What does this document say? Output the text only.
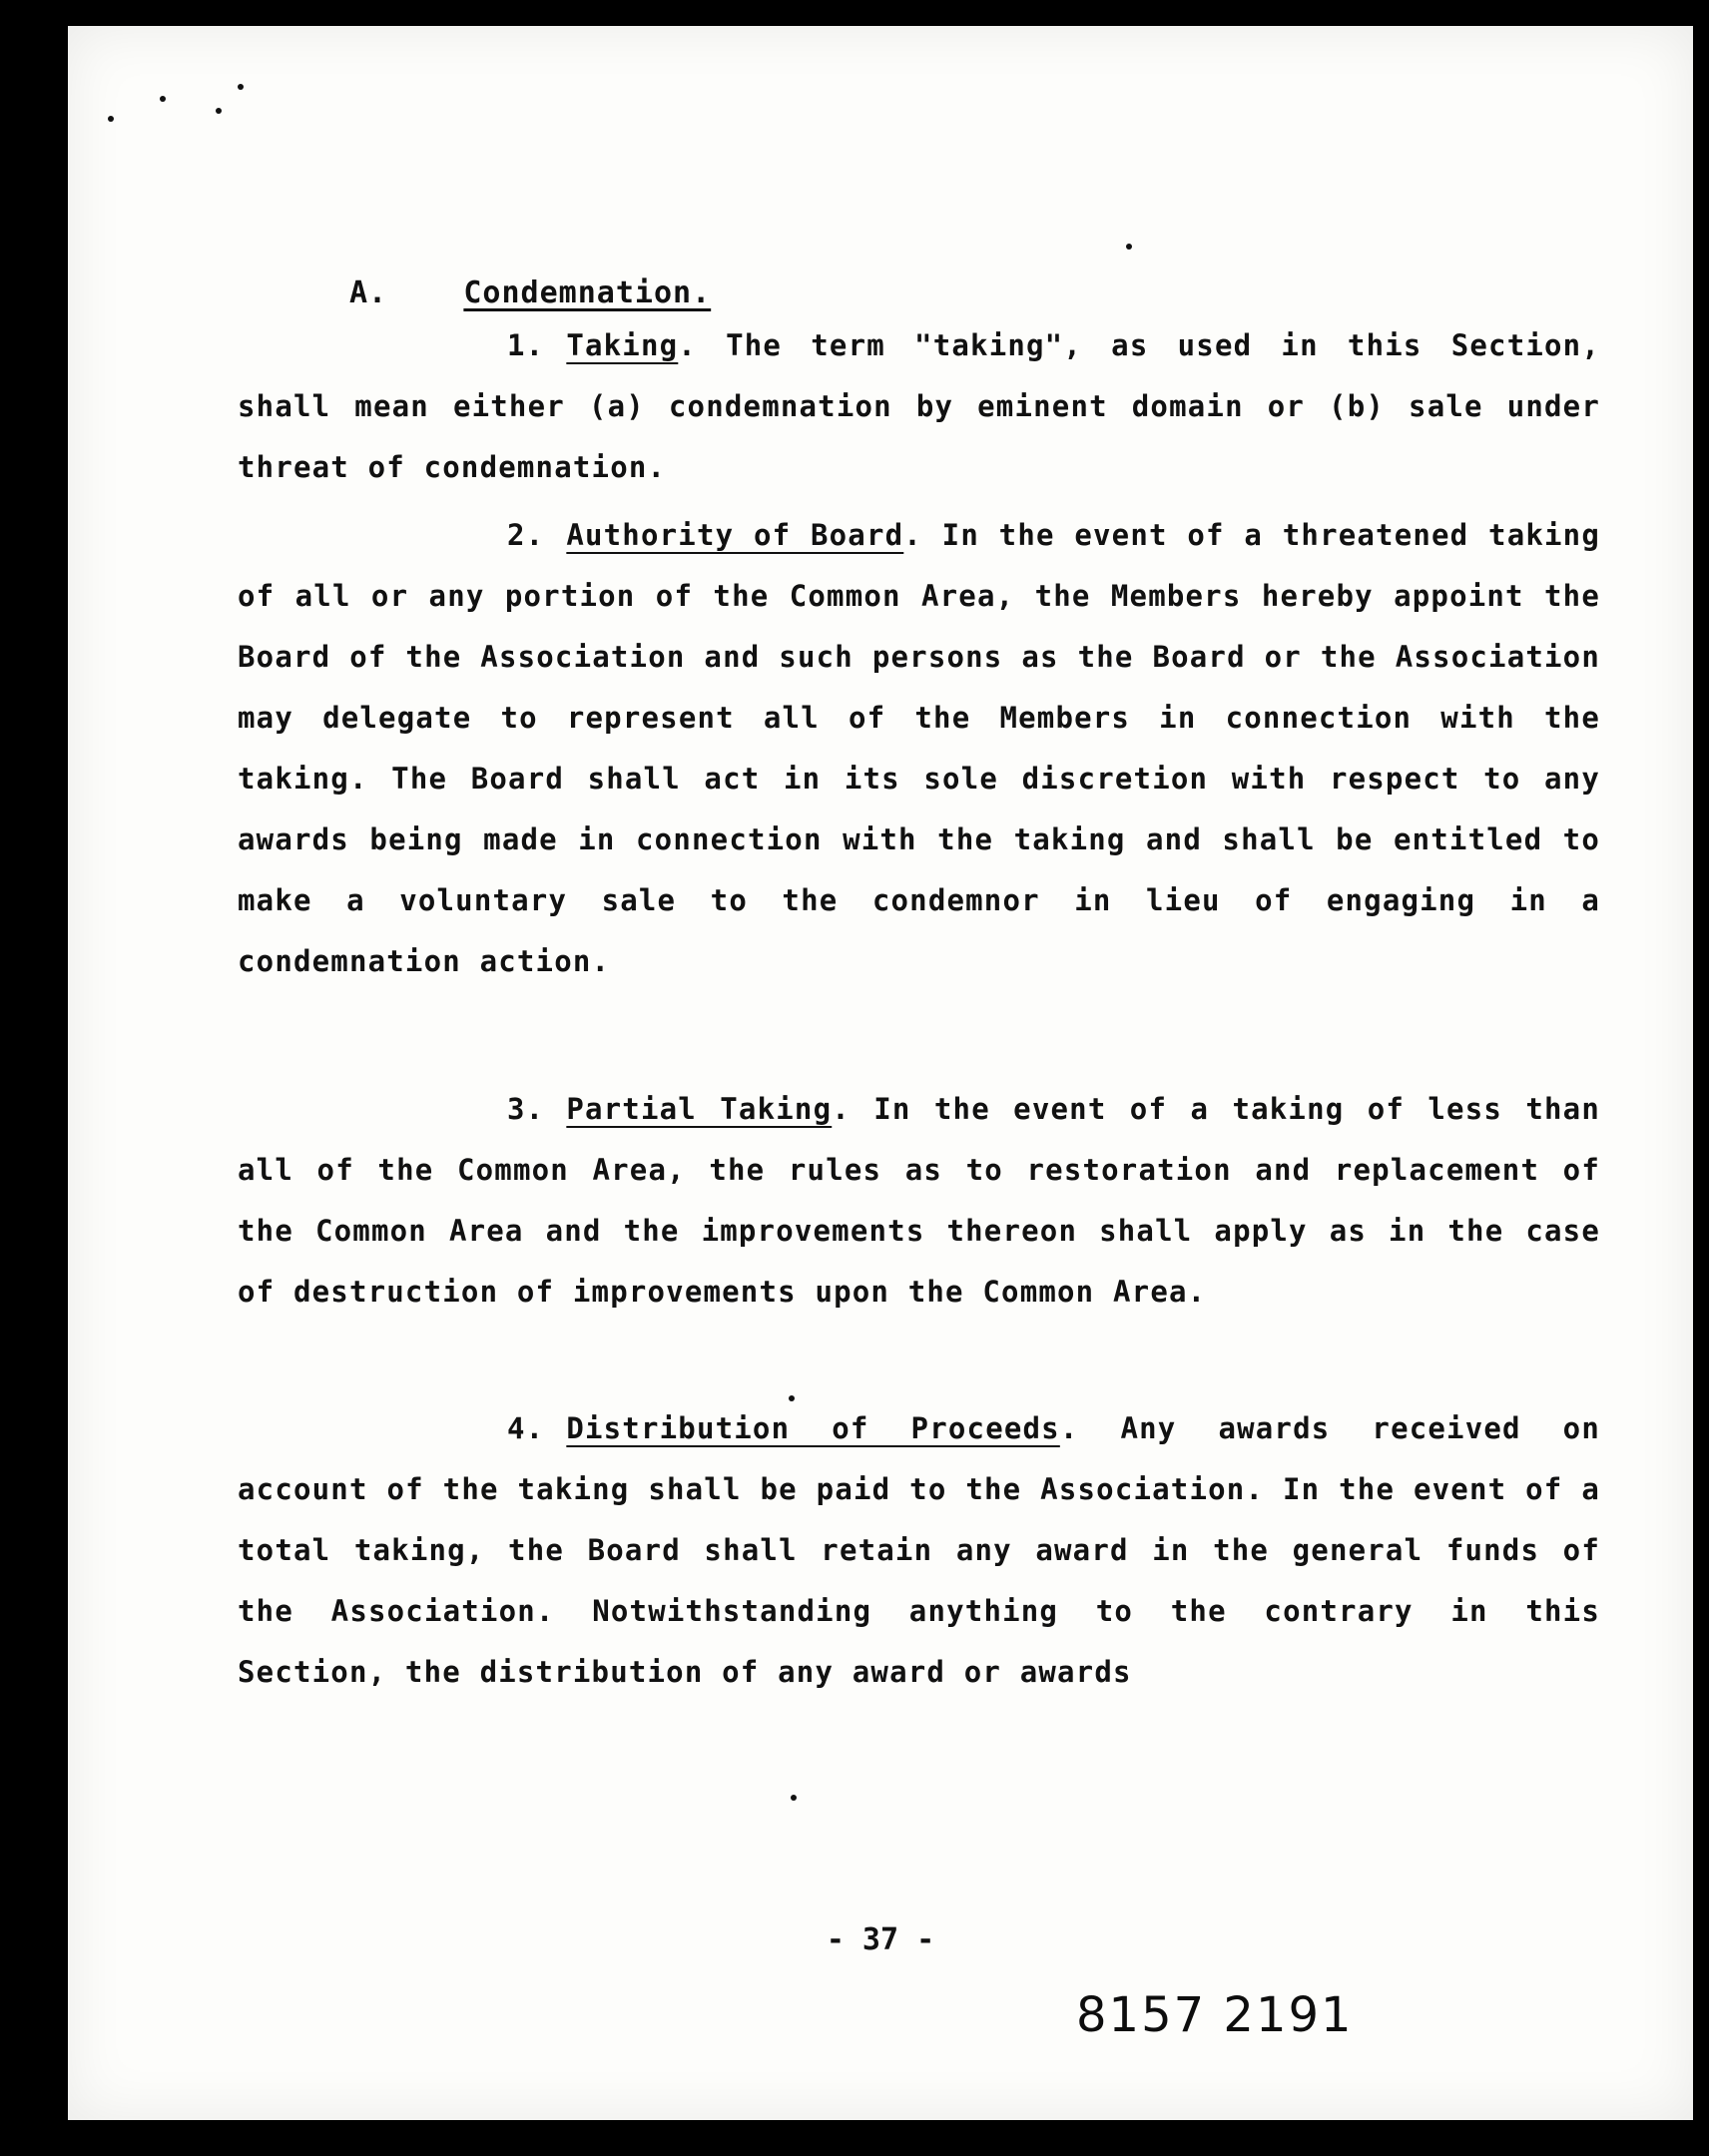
A.	Condemnation.

1. Taking. The term "taking", as used in this Section, shall mean either (a) condemnation by eminent domain or (b) sale under threat of condemnation.

2. Authority of Board. In the event of a threatened taking of all or any portion of the Common Area, the Members hereby appoint the Board of the Association and such persons as the Board or the Association may delegate to represent all of the Members in connection with the taking. The Board shall act in its sole discretion with respect to any awards being made in connection with the taking and shall be entitled to make a voluntary sale to the condemnor in lieu of engaging in a condemnation action.

3. Partial Taking. In the event of a taking of less than all of the Common Area, the rules as to restoration and replacement of the Common Area and the improvements thereon shall apply as in the case of destruction of improvements upon the Common Area.

4. Distribution of Proceeds. Any awards received on account of the taking shall be paid to the Association. In the event of a total taking, the Board shall retain any award in the general funds of the Association. Notwithstanding anything to the contrary in this Section, the distribution of any award or awards

- 37 -
8157 2191
